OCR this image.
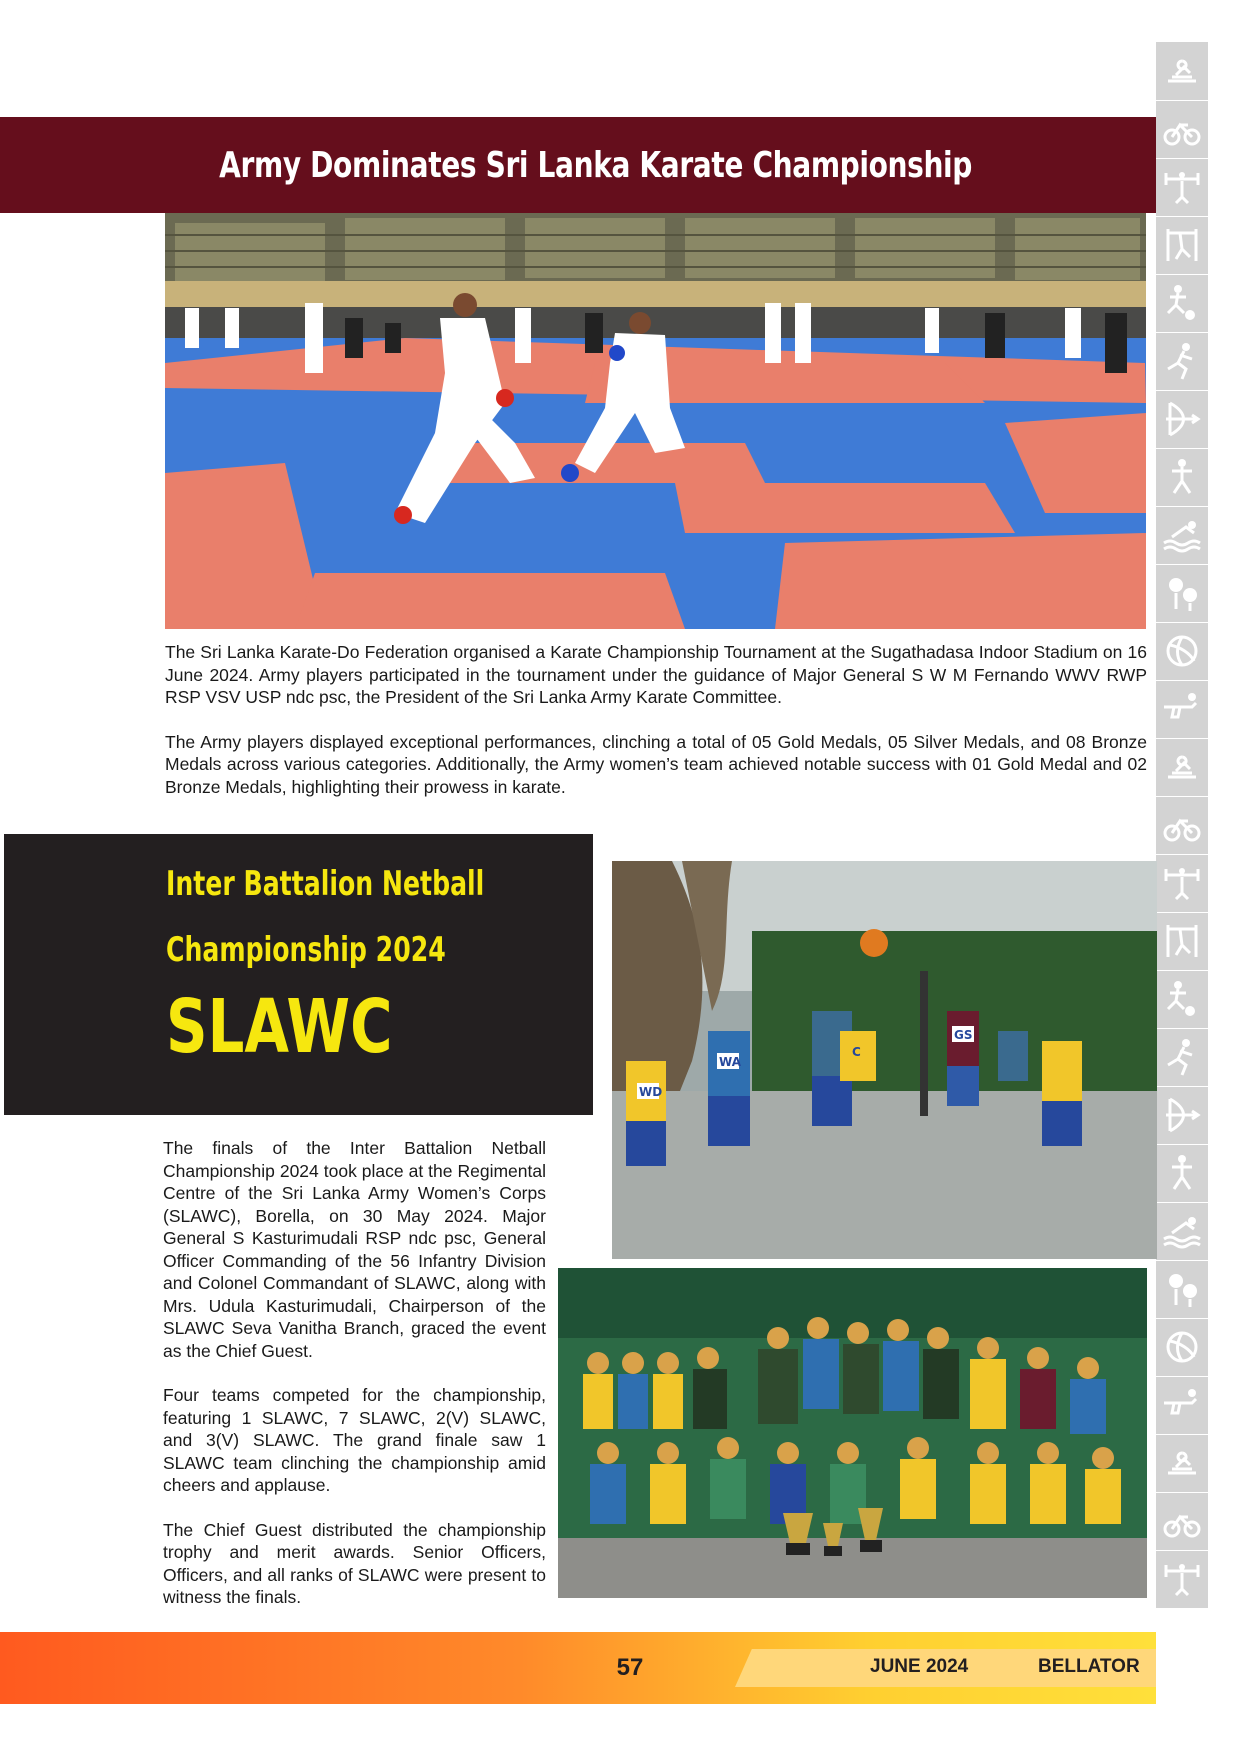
Army Dominates Sri Lanka Karate Championship

The Sri Lanka Karate-Do Federation organised a Karate Championship Tournament at the Sugathadasa Indoor Stadium on 16 June 2024. Army players participated in the tournament under the guidance of Major General S W M Fernando WWV RWP RSP VSV USP ndc psc, the President of the Sri Lanka Army Karate Committee.

The Army players displayed exceptional performances, clinching a total of 05 Gold Medals, 05 Silver Medals, and 08 Bronze Medals across various categories. Additionally, the Army women’s team achieved notable success with 01 Gold Medal and 02 Bronze Medals, highlighting their prowess in karate.

Inter Battalion Netball
Championship 2024
SLAWC

The finals of the Inter Battalion Netball Championship 2024 took place at the Regimental Centre of the Sri Lanka Army Women’s Corps (SLAWC), Borella, on 30 May 2024. Major General S Kasturimudali RSP ndc psc, General Officer Commanding of the 56 Infantry Division and Colonel Commandant of SLAWC, along with Mrs. Udula Kasturimudali, Chairperson of the SLAWC Seva Vanitha Branch, graced the event as the Chief Guest.

Four teams competed for the championship, featuring 1 SLAWC, 7 SLAWC, 2(V) SLAWC, and 3(V) SLAWC. The grand finale saw 1 SLAWC team clinching the championship amid cheers and applause.

The Chief Guest distributed the championship trophy and merit awards. Senior Officers, Officers, and all ranks of SLAWC were present to witness the finals.

WD
WA
C
GS
57	JUNE 2024	BELLATOR
